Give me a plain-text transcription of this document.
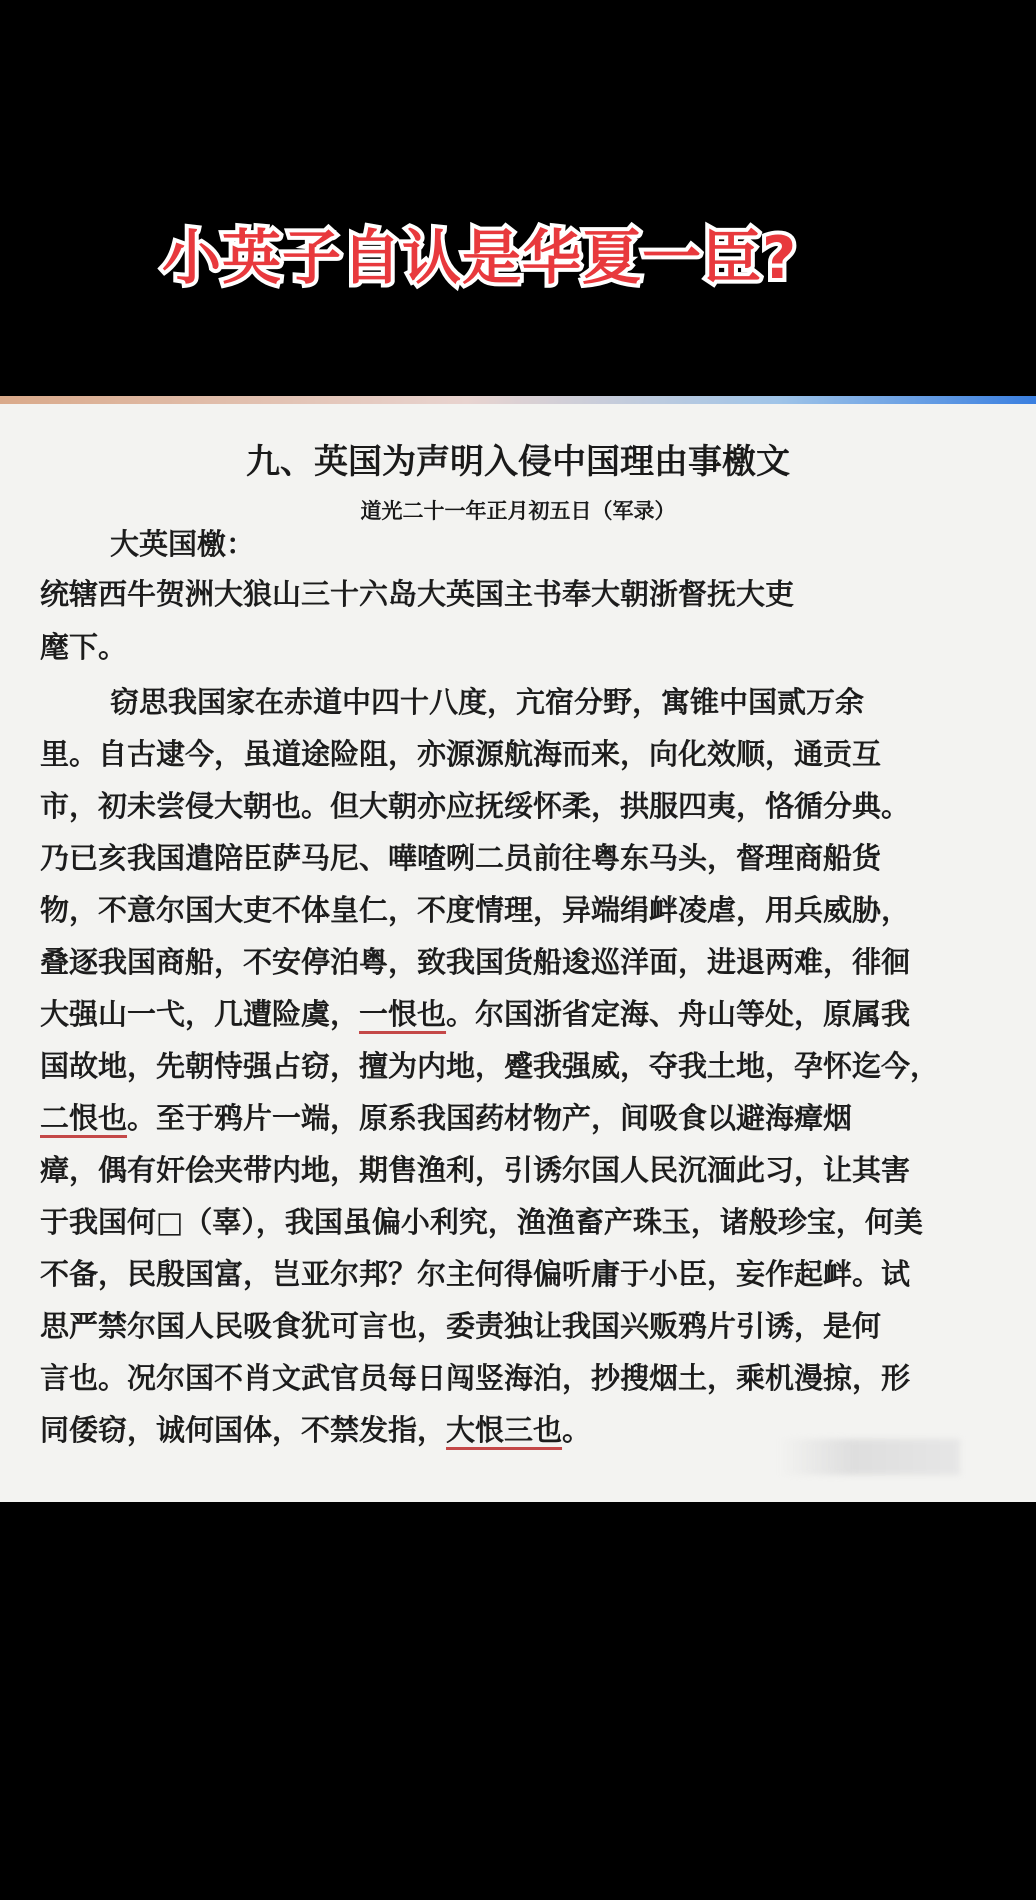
小英子自认是华夏一臣?
九、英国为声明入侵中国理由事檄文
道光二十一年正月初五日（军录）
大英国檄：
统辖西牛贺洲大狼山三十六岛大英国主书奉大朝浙督抚大吏
麾下。
窃思我国家在赤道中四十八度，亢宿分野，寓锥中国贰万余
里。自古逮今，虽道途险阻，亦源源航海而来，向化效顺，通贡互
市，初未尝侵大朝也。但大朝亦应抚绥怀柔，拱服四夷，恪循分典。
乃已亥我国遣陪臣萨马尼、嘩喳咧二员前往粤东马头，督理商船货
物，不意尔国大吏不体皇仁，不度情理，异端绢衅凌虐，用兵威胁，
叠逐我国商船，不安停泊粤，致我国货船逡巡洋面，进退两难，徘徊
大强山一弋，几遭险虞，一恨也。尔国浙省定海、舟山等处，原属我
国故地，先朝恃强占窃，擅为内地，蹙我强威，夺我土地，孕怀迄今，
二恨也。至于鸦片一端，原系我国药材物产，间吸食以避海瘴烟
瘴，偶有奸侩夹带内地，期售渔利，引诱尔国人民沉湎此习，让其害
于我国何□（辜），我国虽偏小利究，渔渔畜产珠玉，诸般珍宝，何美
不备，民殷国富，岂亚尔邦？尔主何得偏听庸于小臣，妄作起衅。试
思严禁尔国人民吸食犹可言也，委责独让我国兴贩鸦片引诱，是何
言也。况尔国不肖文武官员每日闯竖海泊，抄搜烟土，乘机漫掠，形
同倭窃，诚何国体，不禁发指，大恨三也。
